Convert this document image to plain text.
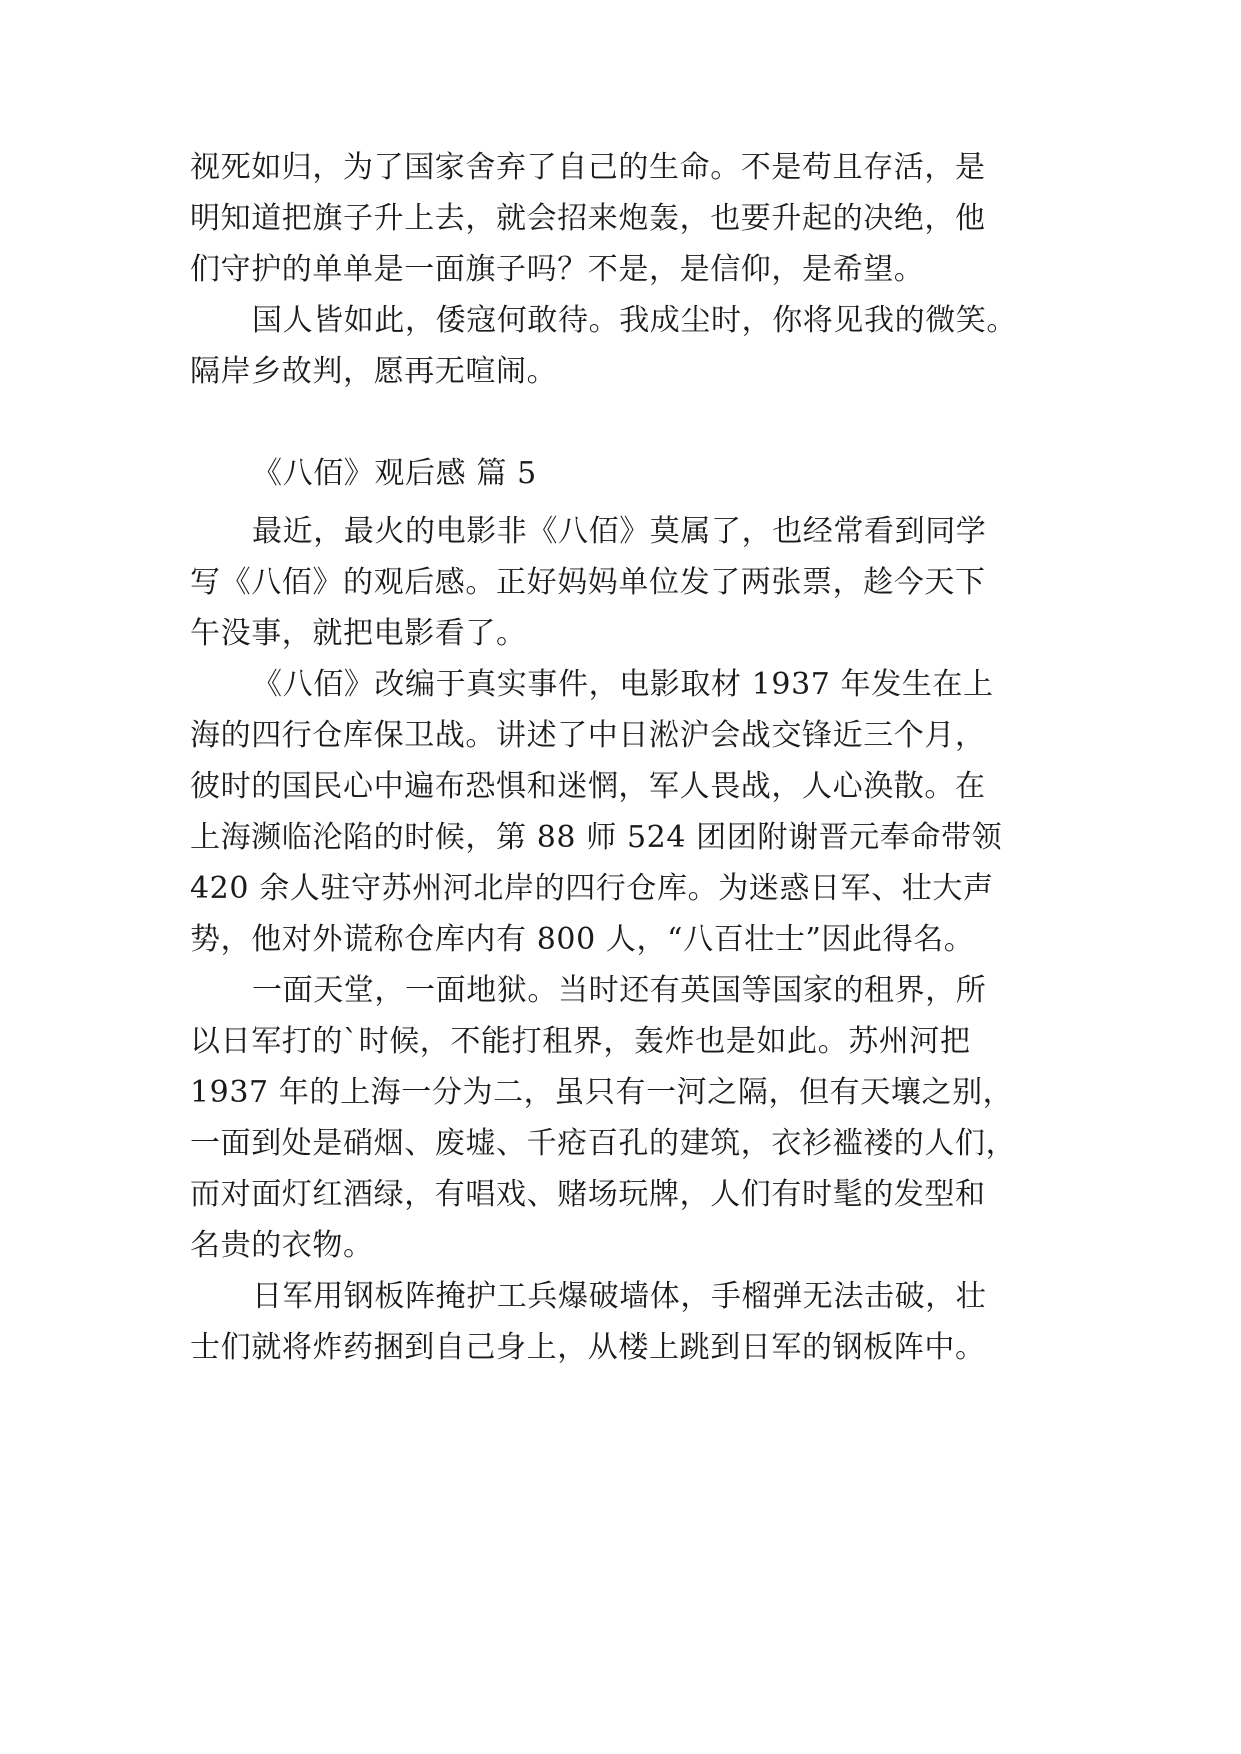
视死如归，为了国家舍弃了自己的生命。不是苟且存活，是
明知道把旗子升上去，就会招来炮轰，也要升起的决绝，他
们守护的单单是一面旗子吗？不是，是信仰，是希望。
国人皆如此，倭寇何敢待。我成尘时，你将见我的微笑。
隔岸乡故判，愿再无喧闹。
《八佰》观后感 篇 5
最近，最火的电影非《八佰》莫属了，也经常看到同学
写《八佰》的观后感。正好妈妈单位发了两张票，趁今天下
午没事，就把电影看了。
《八佰》改编于真实事件，电影取材 1937 年发生在上
海的四行仓库保卫战。讲述了中日淞沪会战交锋近三个月，
彼时的国民心中遍布恐惧和迷惘，军人畏战，人心涣散。在
上海濒临沦陷的时候，第 88 师 524 团团附谢晋元奉命带领
420 余人驻守苏州河北岸的四行仓库。为迷惑日军、壮大声
势，他对外谎称仓库内有 800 人，“八百壮士”因此得名。
一面天堂，一面地狱。当时还有英国等国家的租界，所
以日军打的`时候，不能打租界，轰炸也是如此。苏州河把
1937 年的上海一分为二，虽只有一河之隔，但有天壤之别，
一面到处是硝烟、废墟、千疮百孔的建筑，衣衫褴褛的人们，
而对面灯红酒绿，有唱戏、赌场玩牌，人们有时髦的发型和
名贵的衣物。
日军用钢板阵掩护工兵爆破墙体，手榴弹无法击破，壮
士们就将炸药捆到自己身上，从楼上跳到日军的钢板阵中。
